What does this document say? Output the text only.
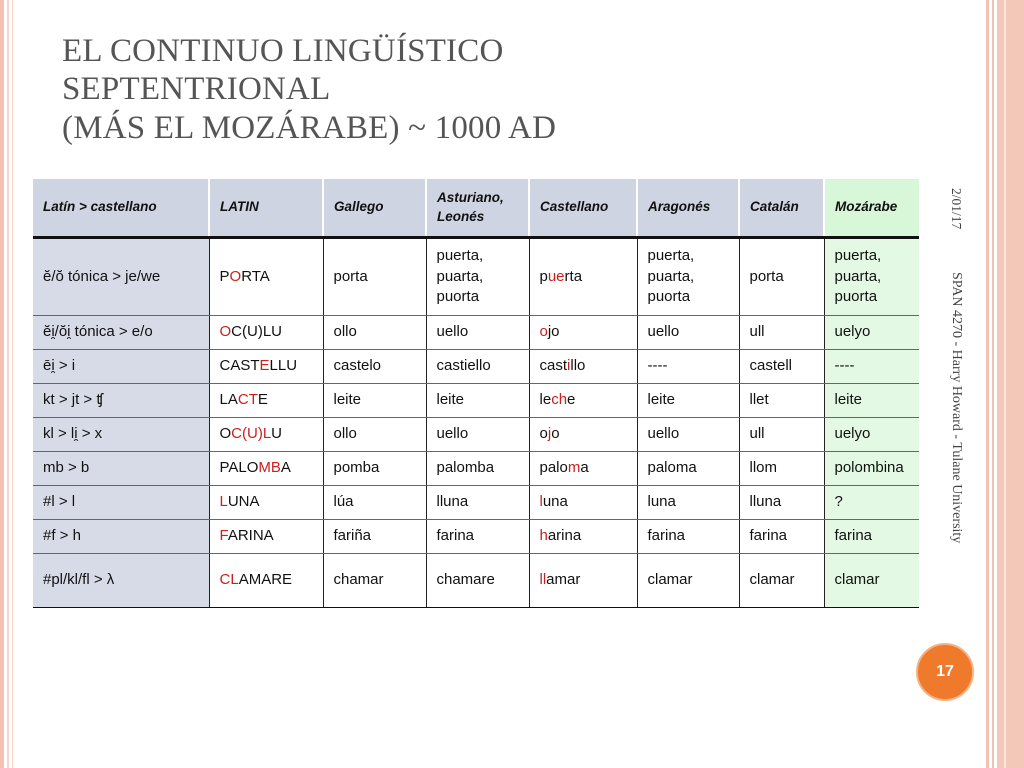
EL CONTINUO LINGÜÍSTICO
SEPTENTRIONAL
(MÁS EL MOZÁRABE) ~ 1000 AD
Latín > castellano	LATIN	Gallego	Asturiano, Leonés	Castellano	Aragonés	Catalán	Mozárabe
ĕ/ŏ tónica > je/we	PORTA	porta	puerta, puarta, puorta	puerta	puerta, puarta, puorta	porta	puerta, puarta, puorta
ĕi̯/ŏi̯ tónica > e/o	OC(U)LU	ollo	uello	ojo	uello	ull	uelyo
ēi̯ > i	CASTELLU	castelo	castiello	castillo	----	castell	----
kt > jt > ʧ	LACTE	leite	leite	leche	leite	llet	leite
kl > li̯ > x	OC(U)LU	ollo	uello	ojo	uello	ull	uelyo
mb > b	PALOMBA	pomba	palomba	paloma	paloma	llom	polombina
#l > l	LUNA	lúa	lluna	luna	luna	lluna	?
#f > h	FARINA	fariña	farina	harina	farina	farina	farina
#pl/kl/fl > λ	CLAMARE	chamar	chamare	llamar	clamar	clamar	clamar
2/01/17
SPAN 4270 - Harry Howard - Tulane University
17
